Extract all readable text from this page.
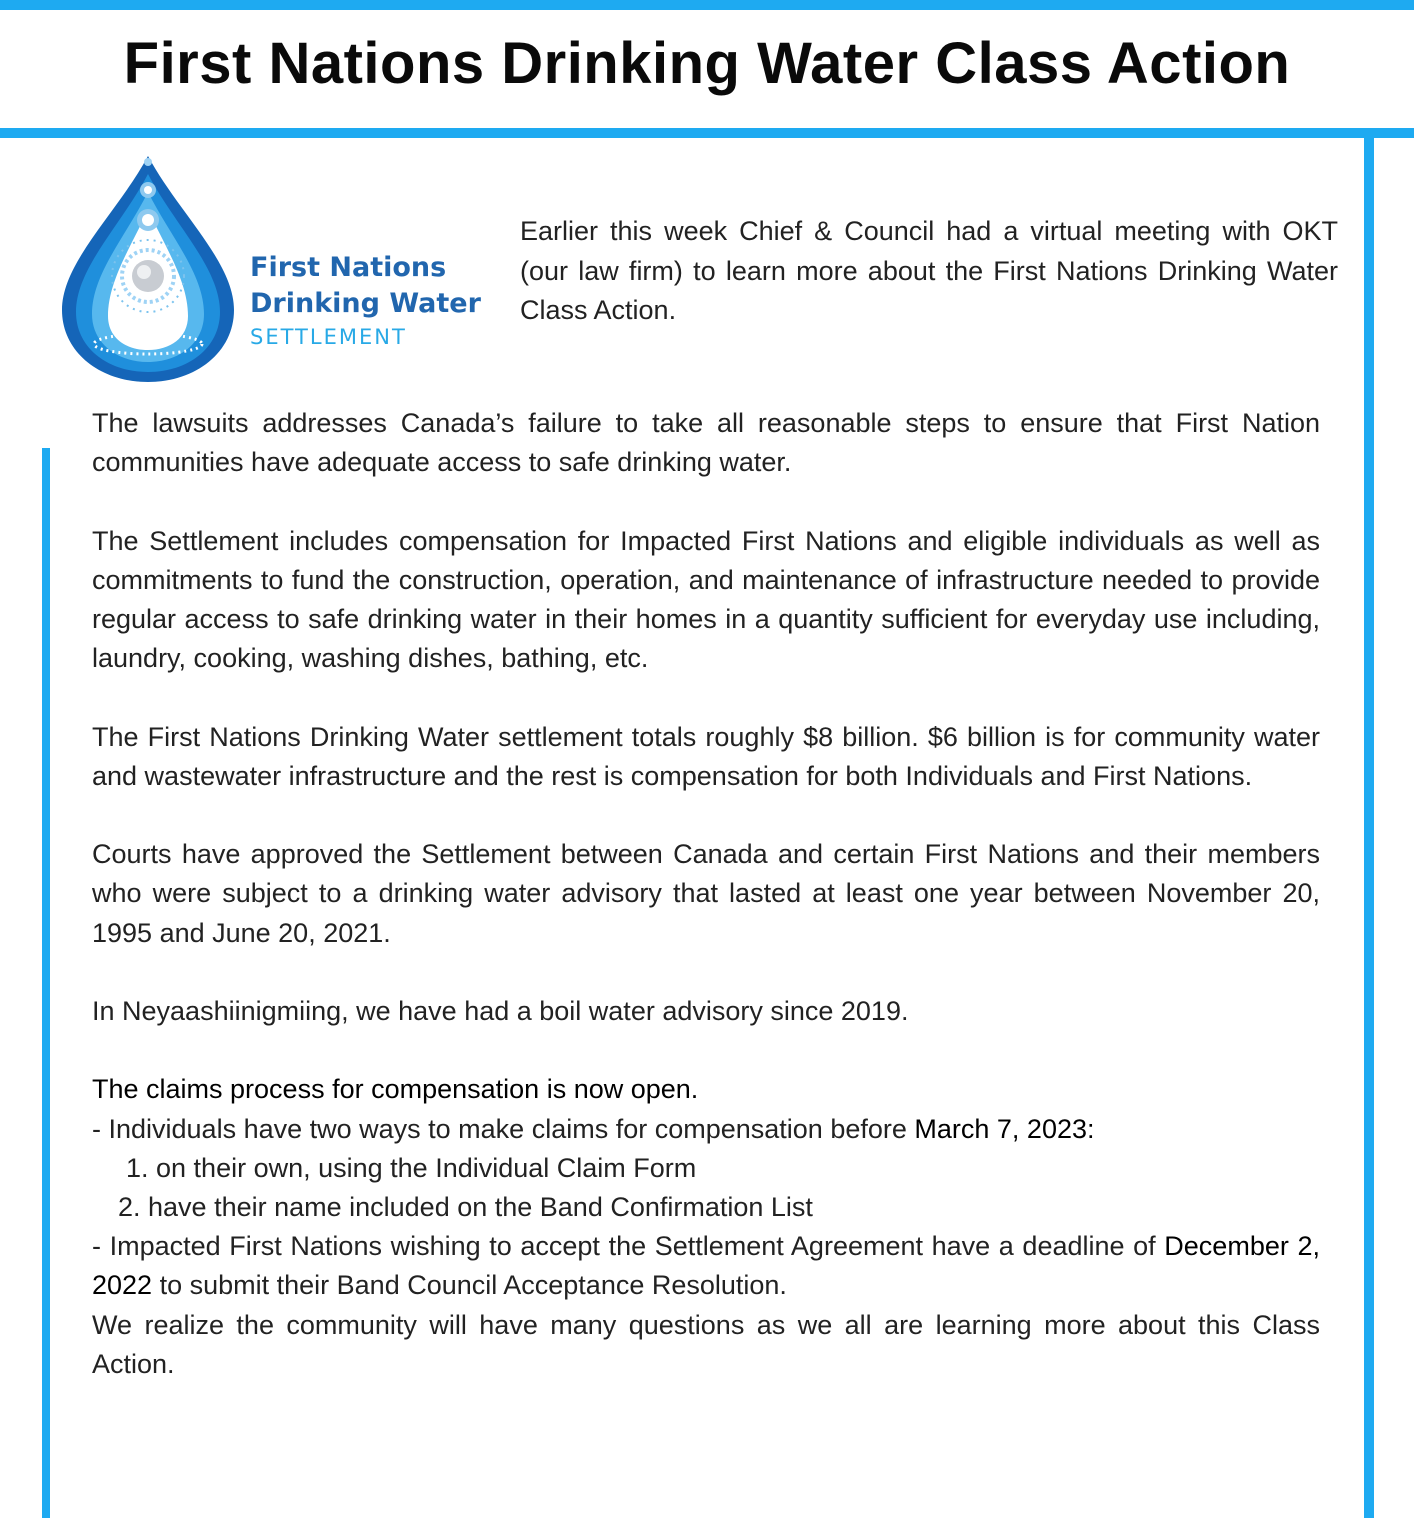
First Nations Drinking Water Class Action
First Nations
Drinking Water
SETTLEMENT
Earlier this week Chief & Council had a virtual meeting with OKT (our law firm) to learn more about the First Nations Drinking Water Class Action.

The lawsuits addresses Canada’s failure to take all reasonable steps to ensure that First Nation communities have adequate access to safe drinking water.

The Settlement includes compensation for Impacted First Nations and eligible individuals as well as commitments to fund the construction, operation, and maintenance of infrastructure needed to provide regular access to safe drinking water in their homes in a quantity sufficient for everyday use including, laundry, cooking, washing dishes, bathing, etc.

The First Nations Drinking Water settlement totals roughly $8 billion. $6 billion is for community water and wastewater infrastructure and the rest is compensation for both Individuals and First Nations.

Courts have approved the Settlement between Canada and certain First Nations and their members who were subject to a drinking water advisory that lasted at least one year between November 20, 1995 and June 20, 2021.

In Neyaashiinigmiing, we have had a boil water advisory since 2019.

The claims process for compensation is now open.

- Individuals have two ways to make claims for compensation before March 7, 2023:

1. on their own, using the Individual Claim Form
2. have their name included on the Band Confirmation List

- Impacted First Nations wishing to accept the Settlement Agreement have a deadline of December 2, 2022 to submit their Band Council Acceptance Resolution.

We realize the community will have many questions as we all are learning more about this Class Action.
